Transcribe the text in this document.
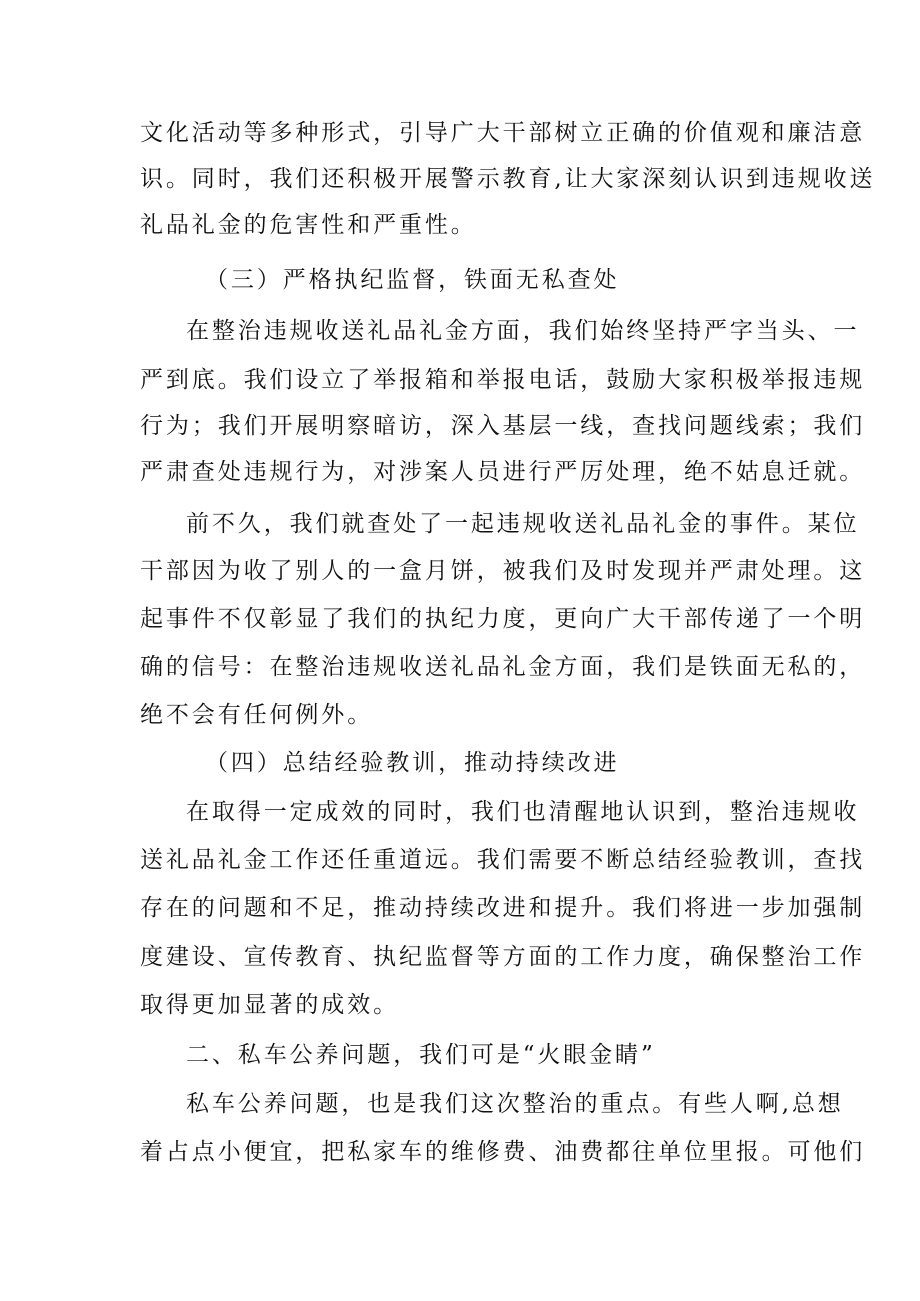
文化活动等多种形式，引导广大干部树立正确的价值观和廉洁意
识。同时，我们还积极开展警示教育,让大家深刻认识到违规收送
礼品礼金的危害性和严重性。
（三）严格执纪监督，铁面无私查处
在整治违规收送礼品礼金方面，我们始终坚持严字当头、一
严到底。我们设立了举报箱和举报电话，鼓励大家积极举报违规
行为；我们开展明察暗访，深入基层一线，查找问题线索；我们
严肃查处违规行为，对涉案人员进行严厉处理，绝不姑息迁就。
前不久，我们就查处了一起违规收送礼品礼金的事件。某位
干部因为收了别人的一盒月饼，被我们及时发现并严肃处理。这
起事件不仅彰显了我们的执纪力度，更向广大干部传递了一个明
确的信号：在整治违规收送礼品礼金方面，我们是铁面无私的，
绝不会有任何例外。
（四）总结经验教训，推动持续改进
在取得一定成效的同时，我们也清醒地认识到，整治违规收
送礼品礼金工作还任重道远。我们需要不断总结经验教训，查找
存在的问题和不足，推动持续改进和提升。我们将进一步加强制
度建设、宣传教育、执纪监督等方面的工作力度，确保整治工作
取得更加显著的成效。
二、私车公养问题，我们可是“火眼金睛”
私车公养问题，也是我们这次整治的重点。有些人啊,总想
着占点小便宜，把私家车的维修费、油费都往单位里报。可他们
